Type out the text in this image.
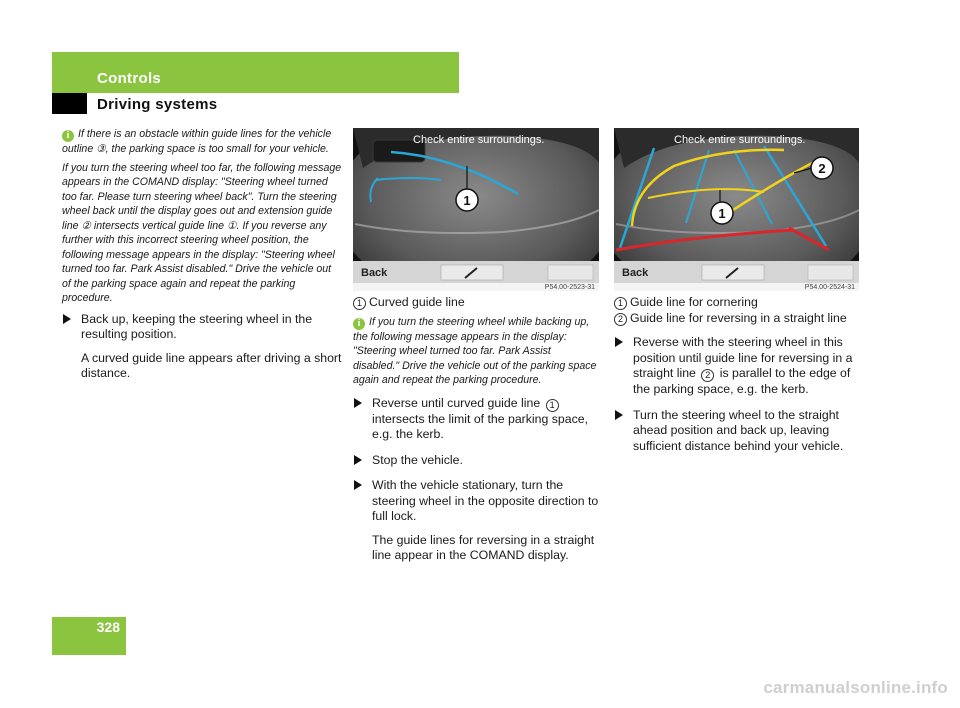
Controls
Driving systems

i If there is an obstacle within guide lines for the vehicle outline ③, the parking space is too small for your vehicle.

If you turn the steering wheel too far, the following message appears in the COMAND display: "Steering wheel turned too far. Please turn steering wheel back". Turn the steering wheel back until the display goes out and extension guide line ② intersects vertical guide line ①. If you reverse any further with this incorrect steering wheel position, the following message appears in the display: "Steering wheel turned too far. Park Assist disabled." Drive the vehicle out of the parking space again and repeat the parking procedure.

Back up, keeping the steering wheel in the resulting position.
A curved guide line appears after driving a short distance.
1
Check entire surroundings.
Back
P54.00-2523-31
1 Curved guide line

i If you turn the steering wheel while backing up, the following message appears in the display: "Steering wheel turned too far. Park Assist disabled." Drive the vehicle out of the parking space again and repeat the parking procedure.

Reverse until curved guide line 1 intersects the limit of the parking space, e.g. the kerb.
Stop the vehicle.
With the vehicle stationary, turn the steering wheel in the opposite direction to full lock.
The guide lines for reversing in a straight line appear in the COMAND display.
1
2
Check entire surroundings.
Back
P54.00-2524-31
1 Guide line for cornering
2 Guide line for reversing in a straight line
Reverse with the steering wheel in this position until guide line for reversing in a straight line 2 is parallel to the edge of the parking space, e.g. the kerb.
Turn the steering wheel to the straight ahead position and back up, leaving sufficient distance behind your vehicle.
328
carmanualsonline.info
